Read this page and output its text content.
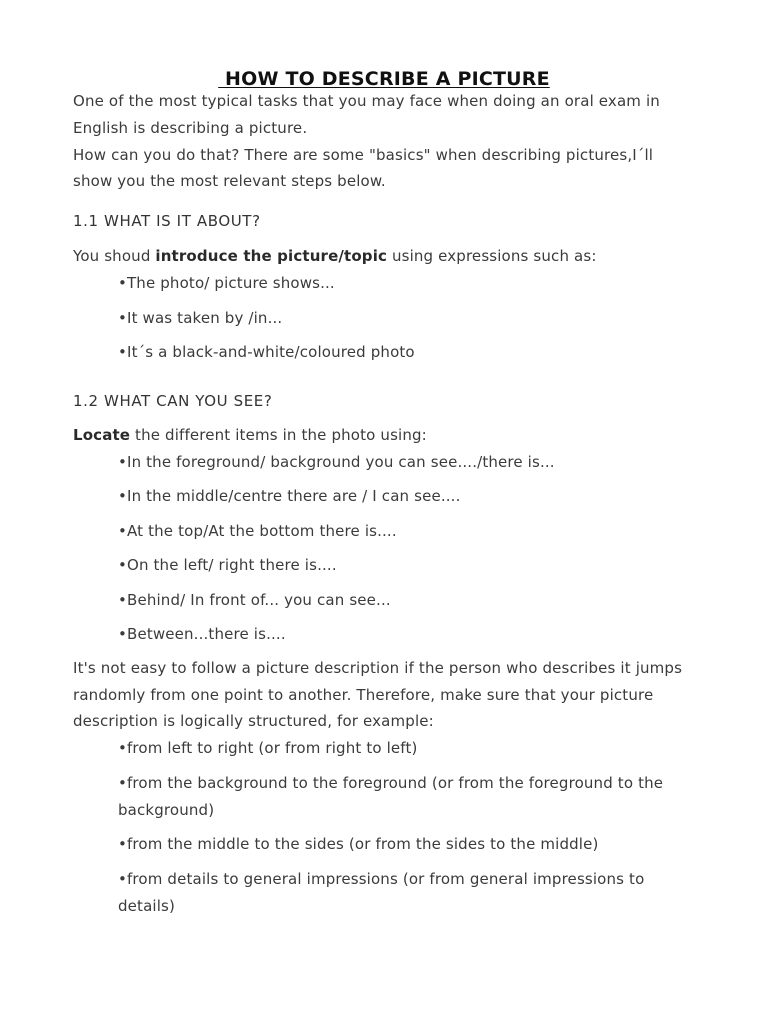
HOW TO DESCRIBE A PICTURE
One of the most typical tasks that you may face when doing an oral exam in
English is describing a picture.
How can you do that? There are some "basics" when describing pictures,I´ll
show you the most relevant steps below.
1.1 WHAT IS IT ABOUT?
You shoud introduce the picture/topic using expressions such as:
•The photo/ picture shows...
•It was taken by /in...
•It´s a black-and-white/coloured photo
1.2 WHAT CAN YOU SEE?
Locate the different items in the photo using:
•In the foreground/ background you can see..../there is...
•In the middle/centre there are / I can see....
•At the top/At the bottom there is....
•On the left/ right there is....
•Behind/ In front of... you can see...
•Between...there is....
It's not easy to follow a picture description if the person who describes it jumps
randomly from one point to another. Therefore, make sure that your picture
description is logically structured, for example:
•from left to right (or from right to left)
•from the background to the foreground (or from the foreground to the
background)
•from the middle to the sides (or from the sides to the middle)
•from details to general impressions (or from general impressions to
details)
